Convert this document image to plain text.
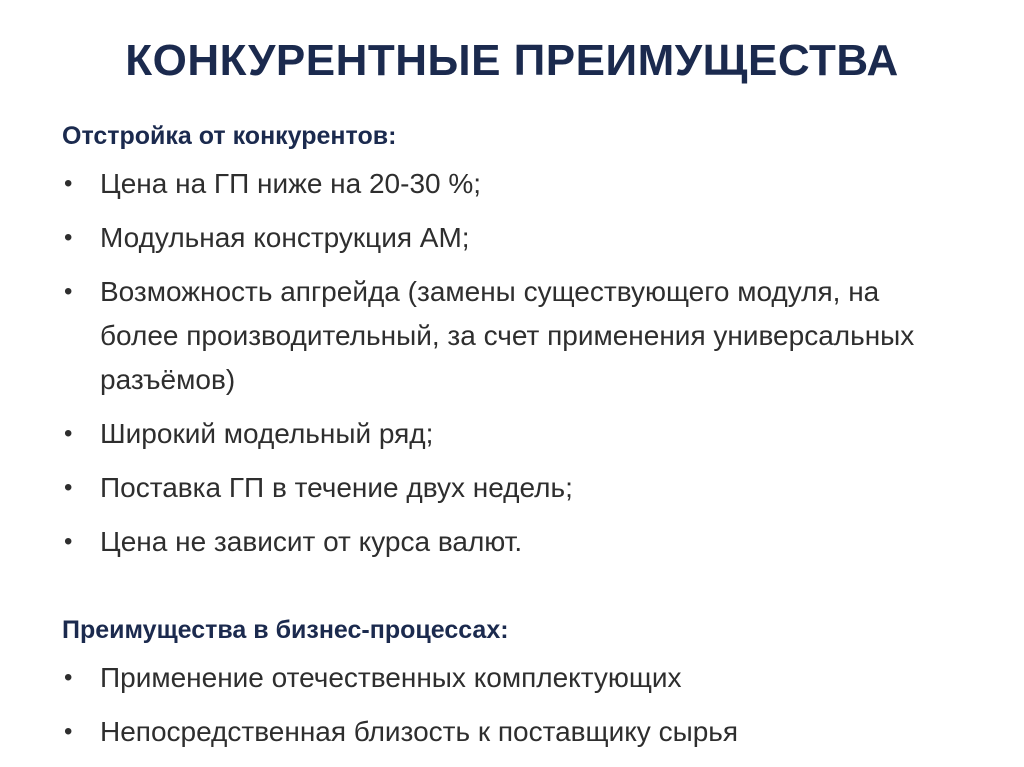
КОНКУРЕНТНЫЕ ПРЕИМУЩЕСТВА
Отстройка от конкурентов:
• Цена на ГП ниже на 20-30 %;
• Модульная конструкция АМ;
• Возможность апгрейда (замены существующего модуля, на более производительный, за счет применения универсальных разъёмов)
• Широкий модельный ряд;
• Поставка ГП в течение двух недель;
• Цена не зависит от курса валют.
Преимущества в бизнес-процессах:
• Применение отечественных комплектующих
• Непосредственная близость к поставщику сырья
